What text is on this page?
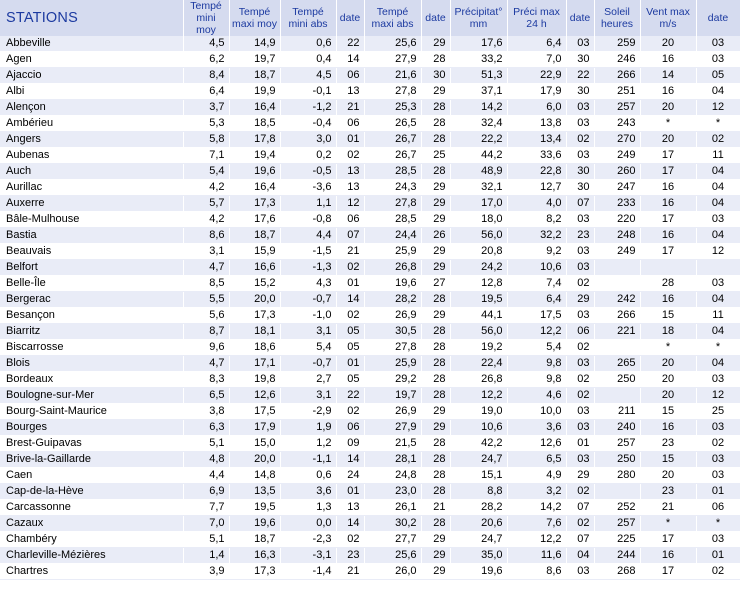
STATIONS	Tempé mini moy	Tempé maxi moy	Tempé mini abs	date	Tempé maxi abs	date	Précipitat° mm	Préci max 24 h	date	Soleil heures	Vent max m/s	date
Abbeville	4,5	14,9	0,6	22	25,6	29	17,6	6,4	03	259	20	03
Agen	6,2	19,7	0,4	14	27,9	28	33,2	7,0	30	246	16	03
Ajaccio	8,4	18,7	4,5	06	21,6	30	51,3	22,9	22	266	14	05
Albi	6,4	19,9	-0,1	13	27,8	29	37,1	17,9	30	251	16	04
Alençon	3,7	16,4	-1,2	21	25,3	28	14,2	6,0	03	257	20	12
Ambérieu	5,3	18,5	-0,4	06	26,5	28	32,4	13,8	03	243	*	*
Angers	5,8	17,8	3,0	01	26,7	28	22,2	13,4	02	270	20	02
Aubenas	7,1	19,4	0,2	02	26,7	25	44,2	33,6	03	249	17	11
Auch	5,4	19,6	-0,5	13	28,5	28	48,9	22,8	30	260	17	04
Aurillac	4,2	16,4	-3,6	13	24,3	29	32,1	12,7	30	247	16	04
Auxerre	5,7	17,3	1,1	12	27,8	29	17,0	4,0	07	233	16	04
Bâle-Mulhouse	4,2	17,6	-0,8	06	28,5	29	18,0	8,2	03	220	17	03
Bastia	8,6	18,7	4,4	07	24,4	26	56,0	32,2	23	248	16	04
Beauvais	3,1	15,9	-1,5	21	25,9	29	20,8	9,2	03	249	17	12
Belfort	4,7	16,6	-1,3	02	26,8	29	24,2	10,6	03			
Belle-Île	8,5	15,2	4,3	01	19,6	27	12,8	7,4	02		28	03
Bergerac	5,5	20,0	-0,7	14	28,2	28	19,5	6,4	29	242	16	04
Besançon	5,6	17,3	-1,0	02	26,9	29	44,1	17,5	03	266	15	11
Biarritz	8,7	18,1	3,1	05	30,5	28	56,0	12,2	06	221	18	04
Biscarrosse	9,6	18,6	5,4	05	27,8	28	19,2	5,4	02		*	*
Blois	4,7	17,1	-0,7	01	25,9	28	22,4	9,8	03	265	20	04
Bordeaux	8,3	19,8	2,7	05	29,2	28	26,8	9,8	02	250	20	03
Boulogne-sur-Mer	6,5	12,6	3,1	22	19,7	28	12,2	4,6	02		20	12
Bourg-Saint-Maurice	3,8	17,5	-2,9	02	26,9	29	19,0	10,0	03	211	15	25
Bourges	6,3	17,9	1,9	06	27,9	29	10,6	3,6	03	240	16	03
Brest-Guipavas	5,1	15,0	1,2	09	21,5	28	42,2	12,6	01	257	23	02
Brive-la-Gaillarde	4,8	20,0	-1,1	14	28,1	28	24,7	6,5	03	250	15	03
Caen	4,4	14,8	0,6	24	24,8	28	15,1	4,9	29	280	20	03
Cap-de-la-Hève	6,9	13,5	3,6	01	23,0	28	8,8	3,2	02		23	01
Carcassonne	7,7	19,5	1,3	13	26,1	21	28,2	14,2	07	252	21	06
Cazaux	7,0	19,6	0,0	14	30,2	28	20,6	7,6	02	257	*	*
Chambéry	5,1	18,7	-2,3	02	27,7	29	24,7	12,2	07	225	17	03
Charleville-Mézières	1,4	16,3	-3,1	23	25,6	29	35,0	11,6	04	244	16	01
Chartres	3,9	17,3	-1,4	21	26,0	29	19,6	8,6	03	268	17	02
